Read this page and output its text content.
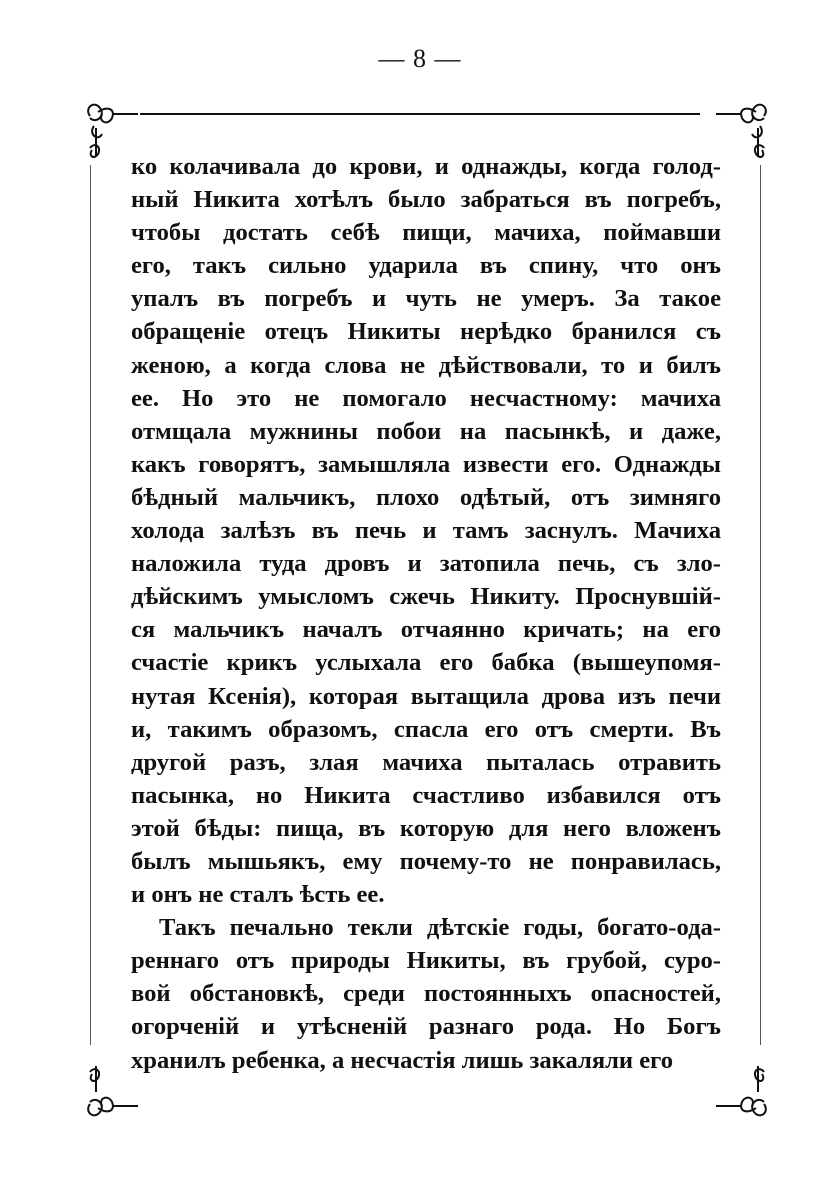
— 8 —
ко колачивала до крови, и однажды, когда голод-
ный Никита хотѣлъ было забраться въ погребъ,
чтобы достать себѣ пищи, мачиха, поймавши
его, такъ сильно ударила въ спину, что онъ
упалъ въ погребъ и чуть не умеръ. За такое
обращенiе отецъ Никиты нерѣдко бранился съ
женою, а когда слова не дѣйствовали, то и билъ
ее. Но это не помогало несчастному: мачиха
отмщала мужнины побои на пасынкѣ, и даже,
какъ говорятъ, замышляла извести его. Однажды
бѣдный мальчикъ, плохо одѣтый, отъ зимняго
холода залѣзъ въ печь и тамъ заснулъ. Мачиха
наложила туда дровъ и затопила печь, съ зло-
дѣйскимъ умысломъ сжечь Никиту. Проснувшiй-
ся мальчикъ началъ отчаянно кричать; на его
счастiе крикъ услыхала его бабка (вышеупомя-
нутая Ксенiя), которая вытащила дрова изъ печи
и, такимъ образомъ, спасла его отъ смерти. Въ
другой разъ, злая мачиха пыталась отравить
пасынка, но Никита счастливо избавился отъ
этой бѣды: пища, въ которую для него вложенъ
былъ мышьякъ, ему почему-то не понравилась,
и онъ не сталъ ѣсть ее.
Такъ печально текли дѣтскiе годы, богато-ода-
реннаго отъ природы Никиты, въ грубой, суро-
вой обстановкѣ, среди постоянныхъ опасностей,
огорченiй и утѣсненiй разнаго рода. Но Богъ
хранилъ ребенка, а несчастiя лишь закаляли его
